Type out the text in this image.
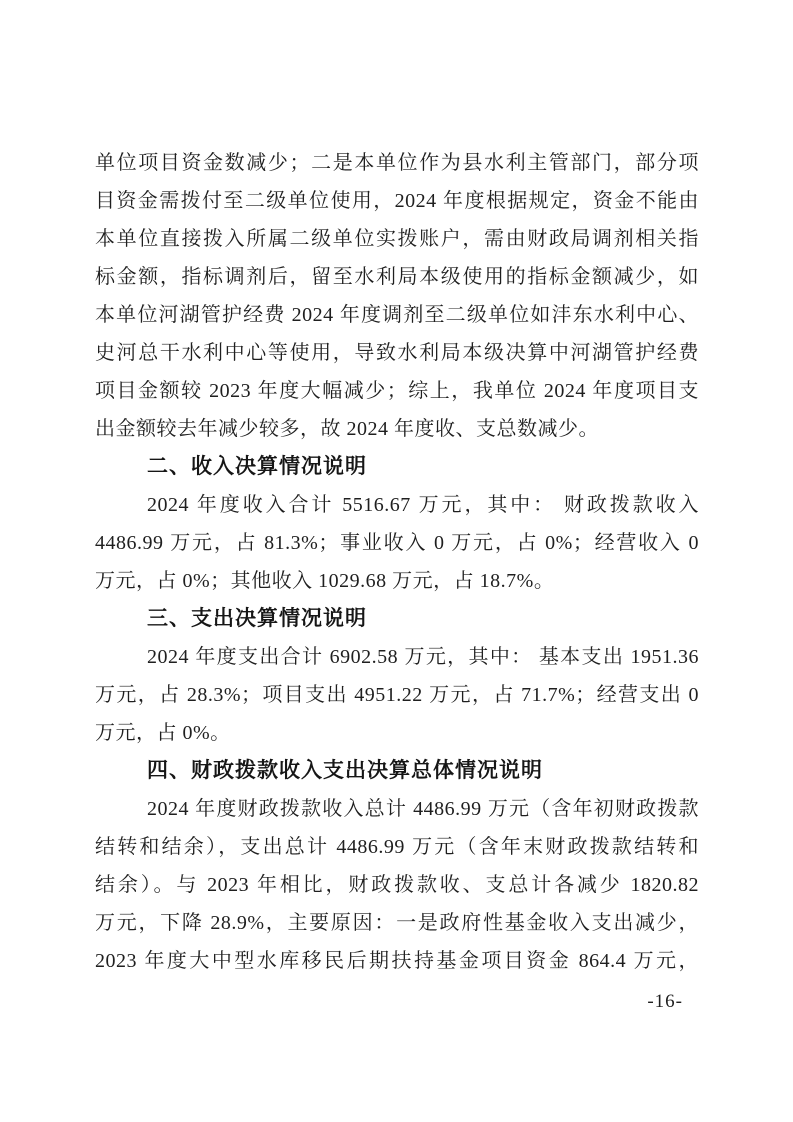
单位项目资金数减少；二是本单位作为县水利主管部门，部分项
目资金需拨付至二级单位使用，2024 年度根据规定，资金不能由
本单位直接拨入所属二级单位实拨账户，需由财政局调剂相关指
标金额，指标调剂后，留至水利局本级使用的指标金额减少，如
本单位河湖管护经费 2024 年度调剂至二级单位如沣东水利中心、
史河总干水利中心等使用，导致水利局本级决算中河湖管护经费
项目金额较 2023 年度大幅减少；综上，我单位 2024 年度项目支
出金额较去年减少较多，故 2024 年度收、支总数减少。
二、收入决算情况说明
2024 年度收入合计 5516.67 万元，其中： 财政拨款收入
4486.99 万元，占 81.3%；事业收入 0 万元，占 0%；经营收入 0
万元，占 0%；其他收入 1029.68 万元，占 18.7%。
三、支出决算情况说明
2024 年度支出合计 6902.58 万元，其中： 基本支出 1951.36
万元，占 28.3%；项目支出 4951.22 万元，占 71.7%；经营支出 0
万元，占 0%。
四、财政拨款收入支出决算总体情况说明
2024 年度财政拨款收入总计 4486.99 万元（含年初财政拨款
结转和结余），支出总计 4486.99 万元（含年末财政拨款结转和
结余）。与 2023 年相比，财政拨款收、支总计各减少 1820.82
万元，下降 28.9%，主要原因：一是政府性基金收入支出减少，
2023 年度大中型水库移民后期扶持基金项目资金 864.4 万元，
-16-
